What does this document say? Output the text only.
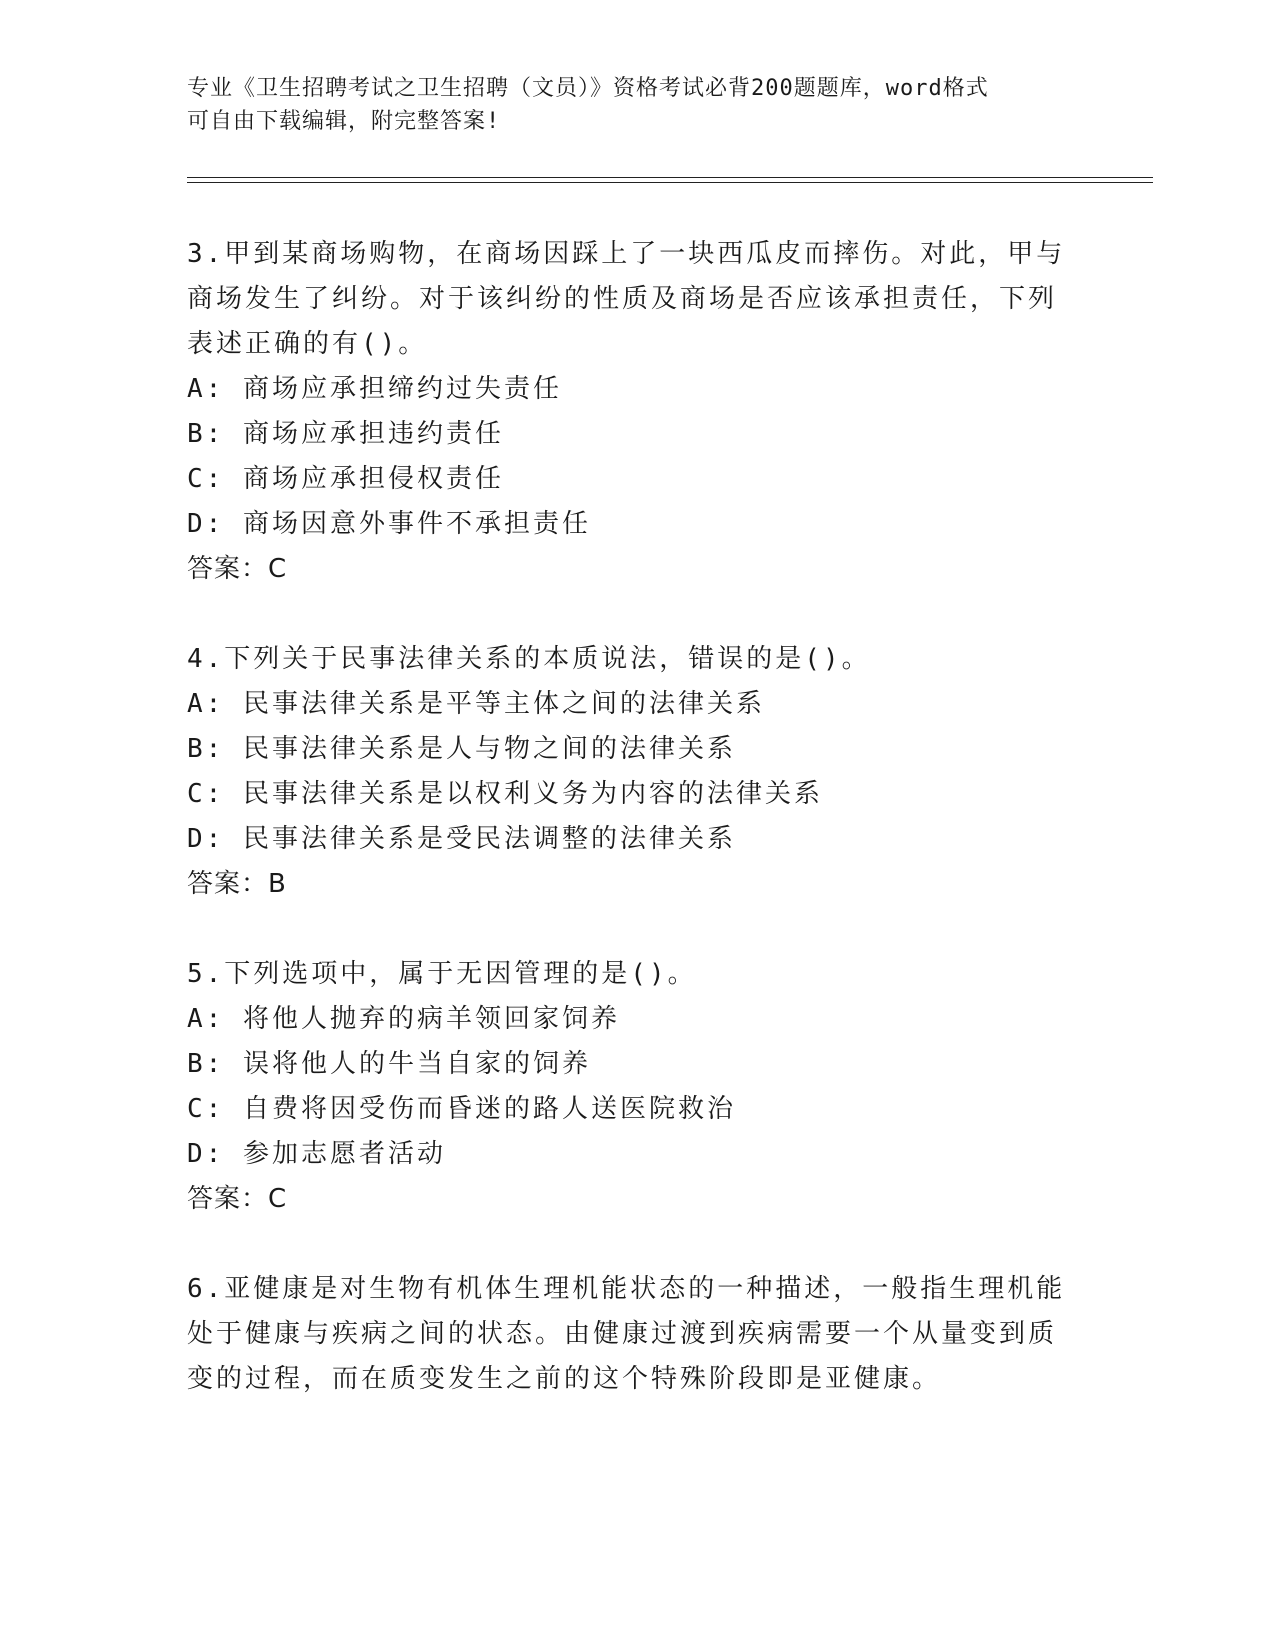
专业《卫生招聘考试之卫生招聘（文员）》资格考试必背200题题库，word格式
可自由下载编辑，附完整答案!

3.甲到某商场购物，在商场因踩上了一块西瓜皮而摔伤。对此，甲与

商场发生了纠纷。对于该纠纷的性质及商场是否应该承担责任，下列

表述正确的有()。

A: 商场应承担缔约过失责任

B: 商场应承担违约责任

C: 商场应承担侵权责任

D: 商场因意外事件不承担责任

答案：C

4.下列关于民事法律关系的本质说法，错误的是()。

A: 民事法律关系是平等主体之间的法律关系

B: 民事法律关系是人与物之间的法律关系

C: 民事法律关系是以权利义务为内容的法律关系

D: 民事法律关系是受民法调整的法律关系

答案：B

5.下列选项中，属于无因管理的是()。

A: 将他人抛弃的病羊领回家饲养

B: 误将他人的牛当自家的饲养

C: 自费将因受伤而昏迷的路人送医院救治

D: 参加志愿者活动

答案：C

6.亚健康是对生物有机体生理机能状态的一种描述，一般指生理机能

处于健康与疾病之间的状态。由健康过渡到疾病需要一个从量变到质

变的过程，而在质变发生之前的这个特殊阶段即是亚健康。
